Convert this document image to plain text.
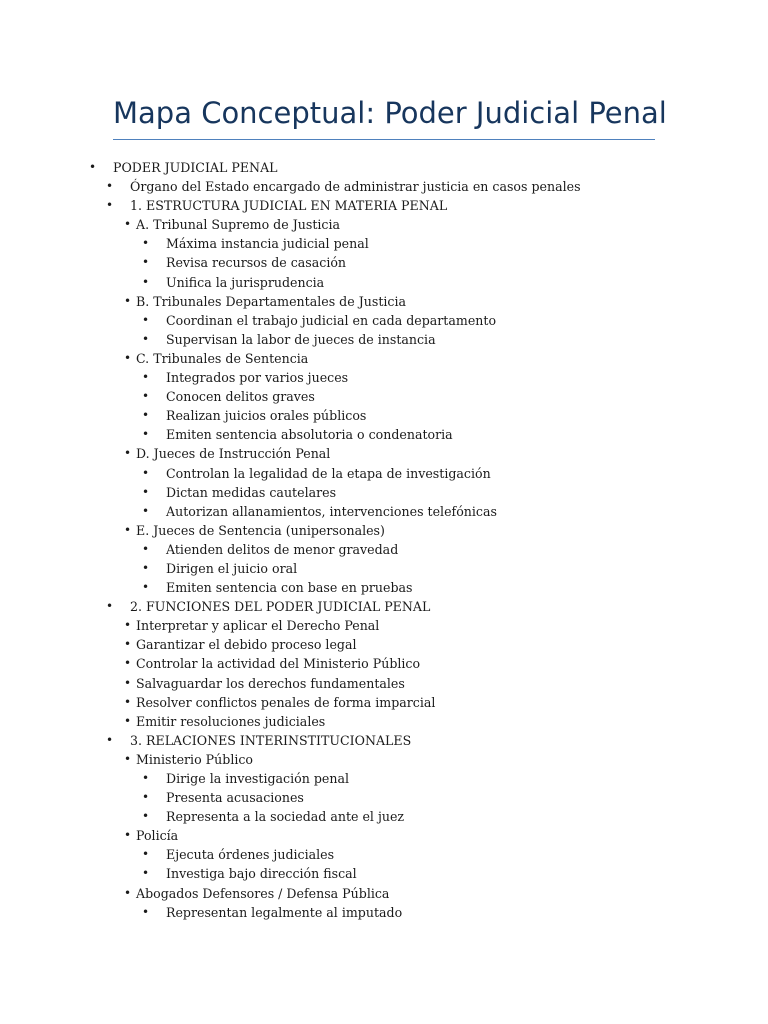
Mapa Conceptual: Poder Judicial Penal
• PODER JUDICIAL PENAL
• Órgano del Estado encargado de administrar justicia en casos penales
• 1. ESTRUCTURA JUDICIAL EN MATERIA PENAL
• A. Tribunal Supremo de Justicia
• Máxima instancia judicial penal
• Revisa recursos de casación
• Unifica la jurisprudencia
• B. Tribunales Departamentales de Justicia
• Coordinan el trabajo judicial en cada departamento
• Supervisan la labor de jueces de instancia
• C. Tribunales de Sentencia
• Integrados por varios jueces
• Conocen delitos graves
• Realizan juicios orales públicos
• Emiten sentencia absolutoria o condenatoria
• D. Jueces de Instrucción Penal
• Controlan la legalidad de la etapa de investigación
• Dictan medidas cautelares
• Autorizan allanamientos, intervenciones telefónicas
• E. Jueces de Sentencia (unipersonales)
• Atienden delitos de menor gravedad
• Dirigen el juicio oral
• Emiten sentencia con base en pruebas
• 2. FUNCIONES DEL PODER JUDICIAL PENAL
• Interpretar y aplicar el Derecho Penal
• Garantizar el debido proceso legal
• Controlar la actividad del Ministerio Público
• Salvaguardar los derechos fundamentales
• Resolver conflictos penales de forma imparcial
• Emitir resoluciones judiciales
• 3. RELACIONES INTERINSTITUCIONALES
• Ministerio Público
• Dirige la investigación penal
• Presenta acusaciones
• Representa a la sociedad ante el juez
• Policía
• Ejecuta órdenes judiciales
• Investiga bajo dirección fiscal
• Abogados Defensores / Defensa Pública
• Representan legalmente al imputado
